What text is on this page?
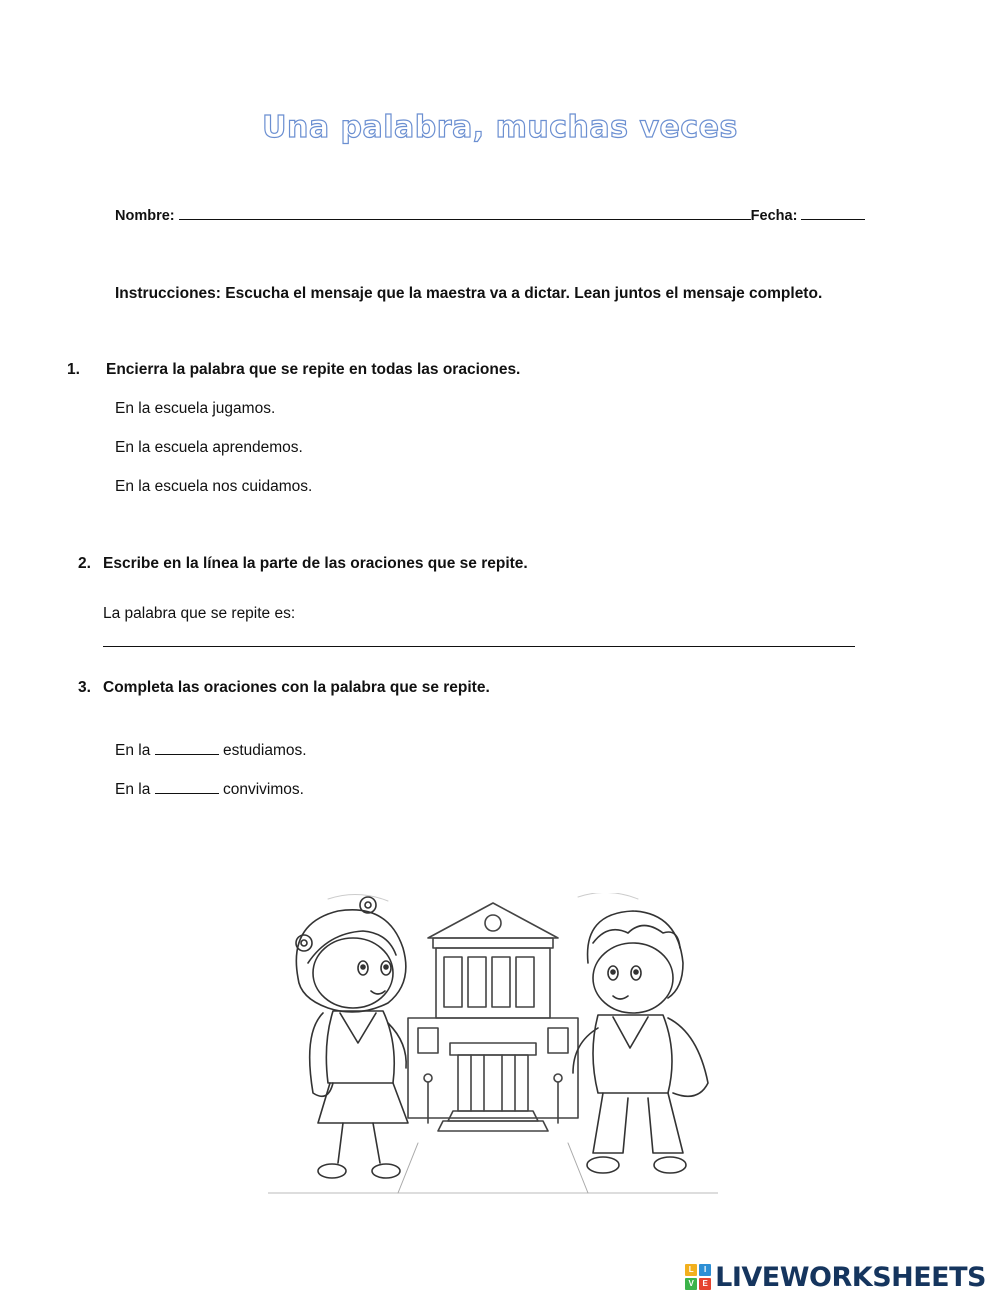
Una palabra, muchas veces
Nombre:	Fecha:
Instrucciones: Escucha el mensaje que la maestra va a dictar. Lean juntos el mensaje completo.
1. Encierra la palabra que se repite en todas las oraciones.
En la escuela jugamos.
En la escuela aprendemos.
En la escuela nos cuidamos.
2. Escribe en la línea la parte de las oraciones que se repite.
La palabra que se repite es:
3. Completa las oraciones con la palabra que se repite.
En la	estudiamos.
En la	convivimos.
L	I
V	E LIVEWORKSHEETS
